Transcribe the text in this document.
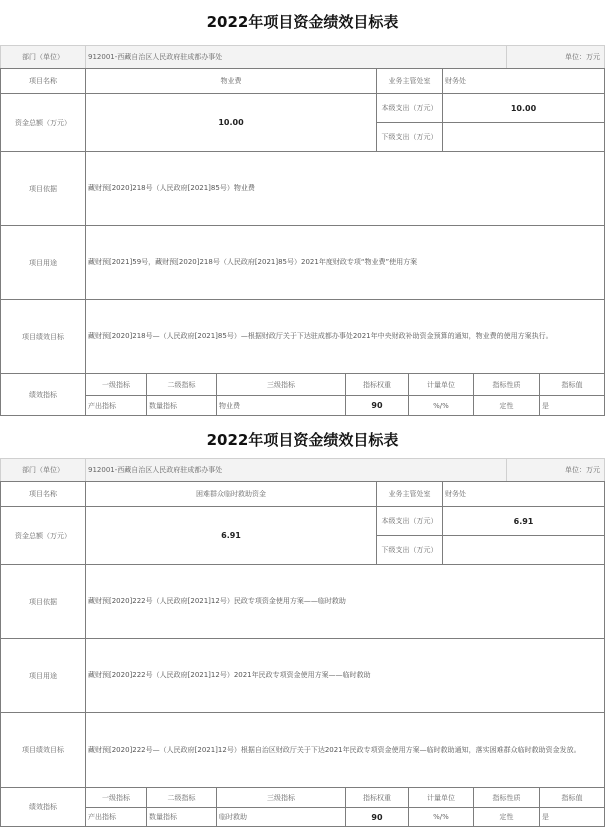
2022年项目资金绩效目标表
部门（单位）	912001-西藏自治区人民政府驻成都办事处	单位：万元
项目名称	物业费	业务主管处室	财务处
资金总额（万元）	10.00
本级支出（万元）	10.00
下级支出（万元）
项目依据	藏财预[2020]218号（人民政府[2021]85号）物业费
项目用途	藏财预[2021]59号，藏财预[2020]218号（人民政府[2021]85号）2021年度财政专项“物业费”使用方案
项目绩效目标	藏财预[2020]218号—（人民政府[2021]85号）—根据财政厅关于下达驻成都办事处2021年中央财政补助资金预算的通知，物业费的使用方案执行。
绩效指标
一级指标	二级指标	三级指标	指标权重	计量单位	指标性质	指标值
产出指标	数量指标	物业费	90	%/%	定性	是
2022年项目资金绩效目标表
部门（单位）	912001-西藏自治区人民政府驻成都办事处	单位：万元
项目名称	困难群众临时救助资金	业务主管处室	财务处
资金总额（万元）	6.91
本级支出（万元）	6.91
下级支出（万元）
项目依据	藏财预[2020]222号（人民政府[2021]12号）民政专项资金使用方案——临时救助
项目用途	藏财预[2020]222号（人民政府[2021]12号）2021年民政专项资金使用方案——临时救助
项目绩效目标	藏财预[2020]222号—（人民政府[2021]12号）根据自治区财政厅关于下达2021年民政专项资金使用方案—临时救助通知，落实困难群众临时救助资金发放。
绩效指标
一级指标	二级指标	三级指标	指标权重	计量单位	指标性质	指标值
产出指标	数量指标	临时救助	90	%/%	定性	是
